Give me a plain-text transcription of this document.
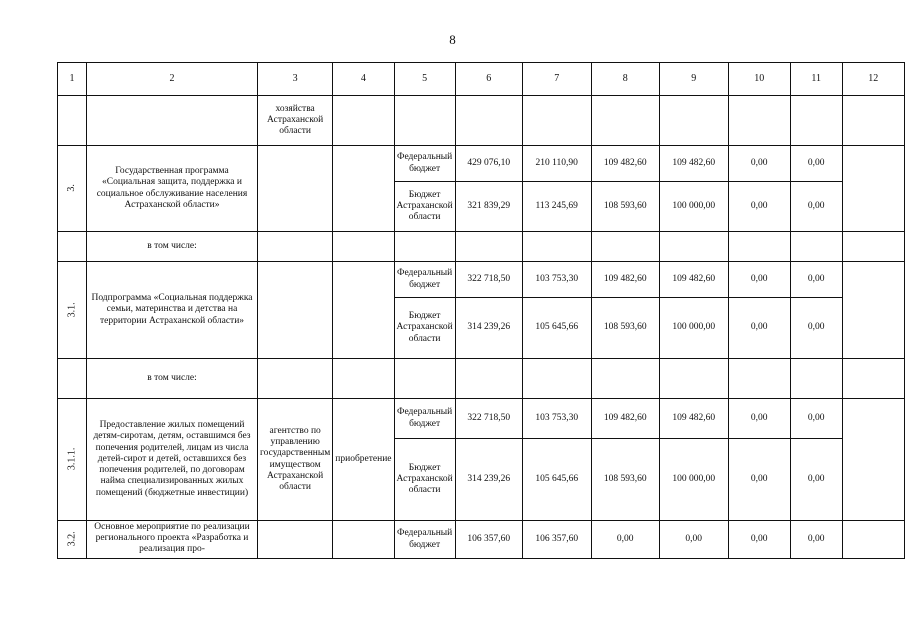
8
1	2	3	4	5	6	7	8	9	10	11	12
		хозяйства Астраханской области									
3.	Государственная программа «Социальная защита, поддержка и социальное обслуживание населения Астраханской области»			Федеральный бюджет	429 076,10	210 110,90	109 482,60	109 482,60	0,00	0,00	
				Бюджет Астраханской области	321 839,29	113 245,69	108 593,60	100 000,00	0,00	0,00	
	в том числе:										
3.1.	Подпрограмма «Социальная поддержка семьи, материнства и детства на территории Астраханской области»			Федеральный бюджет	322 718,50	103 753,30	109 482,60	109 482,60	0,00	0,00	
				Бюджет Астраханской области	314 239,26	105 645,66	108 593,60	100 000,00	0,00	0,00	
	в том числе:										
3.1.1.	Предоставление жилых помещений детям-сиротам, детям, оставшимся без попечения родителей, лицам из числа детей-сирот и детей, оставшихся без попечения родителей, по договорам найма специализированных жилых помещений (бюджетные инвестиции)	агентство по управлению государственным имуществом Астраханской области	приобретение	Федеральный бюджет	322 718,50	103 753,30	109 482,60	109 482,60	0,00	0,00	
				Бюджет Астраханской области	314 239,26	105 645,66	108 593,60	100 000,00	0,00	0,00	
3.2.	Основное мероприятие по реализации регионального проекта «Разработка и реализация про-			Федеральный бюджет	106 357,60	106 357,60	0,00	0,00	0,00	0,00	
